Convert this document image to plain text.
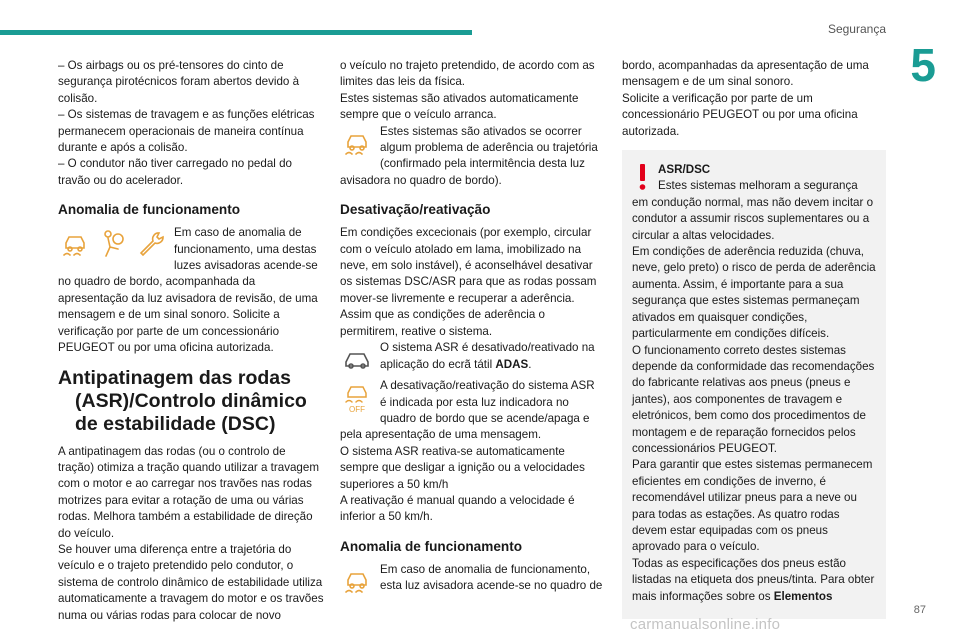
Segurança
5

– Os airbags ou os pré-tensores do cinto de segurança pirotécnicos foram abertos devido à colisão.

– Os sistemas de travagem e as funções elétricas permanecem operacionais de maneira contínua durante e após a colisão.

– O condutor não tiver carregado no pedal do travão ou do acelerador.

Anomalia de funcionamento

Em caso de anomalia de funcionamento, uma destas luzes avisadoras acende-se no quadro de bordo, acompanhada da apresentação da luz avisadora de revisão, de uma mensagem e de um sinal sonoro. Solicite a verificação por parte de um concessionário PEUGEOT ou por uma oficina autorizada.

Antipatinagem das rodas (ASR)/Controlo dinâmico de estabilidade (DSC)

A antipatinagem das rodas (ou o controlo de tração) otimiza a tração quando utilizar a travagem com o motor e ao carregar nos travões nas rodas motrizes para evitar a rotação de uma ou várias rodas. Melhora também a estabilidade de direção do veículo.

Se houver uma diferença entre a trajetória do veículo e o trajeto pretendido pelo condutor, o sistema de controlo dinâmico de estabilidade utiliza automaticamente a travagem do motor e os travões numa ou várias rodas para colocar de novo

o veículo no trajeto pretendido, de acordo com as limites das leis da física.

Estes sistemas são ativados automaticamente sempre que o veículo arranca.

Estes sistemas são ativados se ocorrer algum problema de aderência ou trajetória (confirmado pela intermitência desta luz avisadora no quadro de bordo).

Desativação/reativação

Em condições excecionais (por exemplo, circular com o veículo atolado em lama, imobilizado na neve, em solo instável), é aconselhável desativar os sistemas DSC/ASR para que as rodas possam mover-se livremente e recuperar a aderência.

Assim que as condições de aderência o permitirem, reative o sistema.

O sistema ASR é desativado/reativado na aplicação do ecrã tátil ADAS.

OFF

A desativação/reativação do sistema ASR é indicada por esta luz indicadora no quadro de bordo que se acende/apaga e pela apresentação de uma mensagem.

O sistema ASR reativa-se automaticamente sempre que desligar a ignição ou a velocidades superiores a 50 km/h

A reativação é manual quando a velocidade é inferior a 50 km/h.

Anomalia de funcionamento

Em caso de anomalia de funcionamento, esta luz avisadora acende-se no quadro de

bordo, acompanhadas da apresentação de uma mensagem e de um sinal sonoro.

Solicite a verificação por parte de um concessionário PEUGEOT ou por uma oficina autorizada.

ASR/DSC

Estes sistemas melhoram a segurança em condução normal, mas não devem incitar o condutor a assumir riscos suplementares ou a circular a altas velocidades.

Em condições de aderência reduzida (chuva, neve, gelo preto) o risco de perda de aderência aumenta. Assim, é importante para a sua segurança que estes sistemas permaneçam ativados em quaisquer condições, particularmente em condições difíceis.

O funcionamento correto destes sistemas depende da conformidade das recomendações do fabricante relativas aos pneus (pneus e jantes), aos componentes de travagem e eletrónicos, bem como dos procedimentos de montagem e de reparação fornecidos pelos concessionários PEUGEOT.

Para garantir que estes sistemas permanecem eficientes em condições de inverno, é recomendável utilizar pneus para a neve ou para todas as estações. As quatro rodas devem estar equipadas com os pneus aprovado para o veículo.

Todas as especificações dos pneus estão listadas na etiqueta dos pneus/tinta. Para obter mais informações sobre os Elementos

87
carmanualsonline.info
